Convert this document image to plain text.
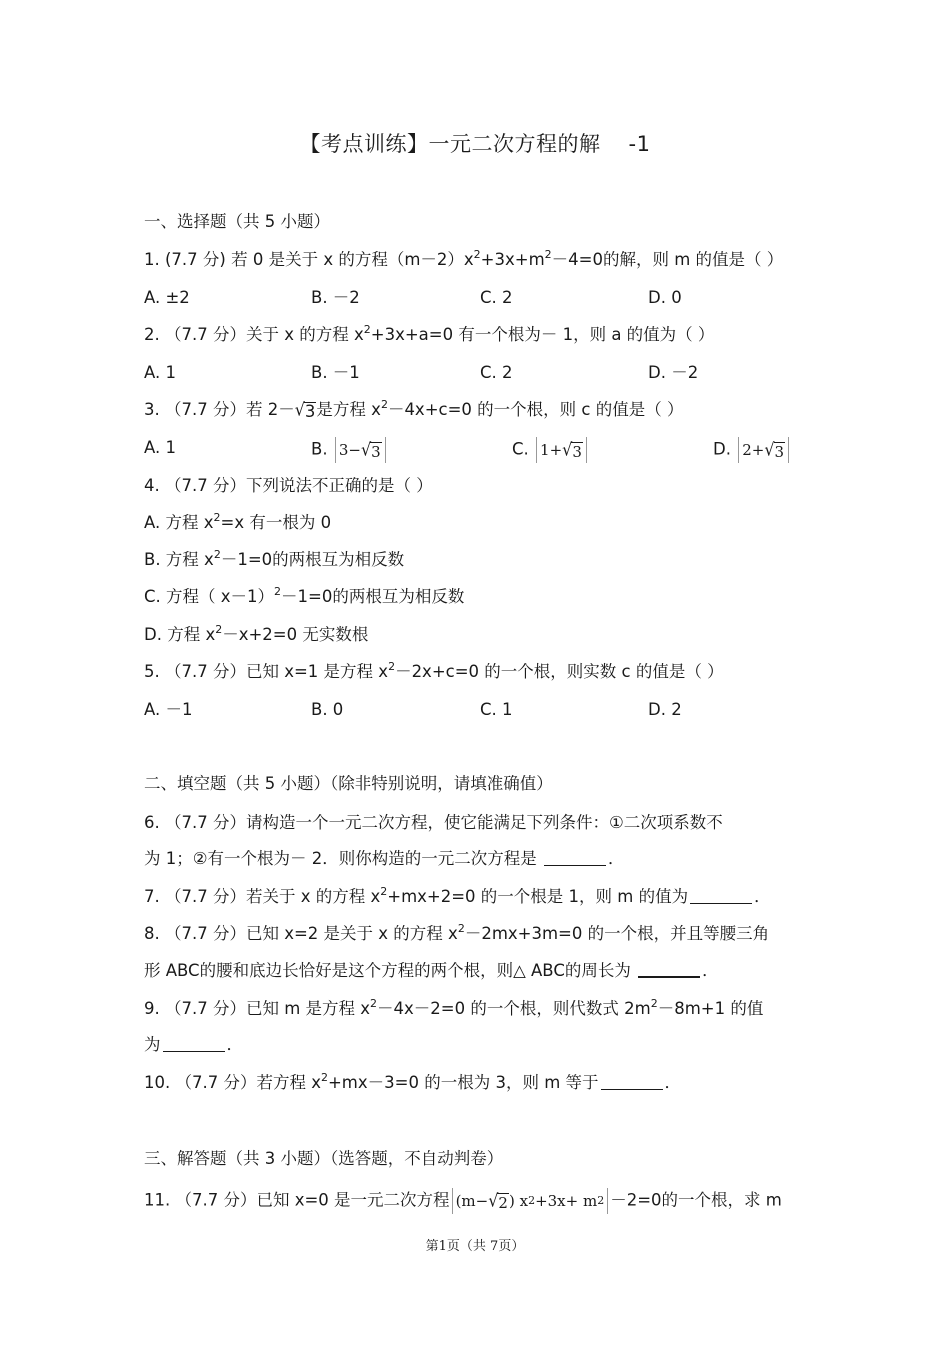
【考点训练】一元二次方程的解 -1
一、选择题（共 5 小题）
1. (7.7 分) 若 0 是关于 x 的方程$(m-2)x^2+3x+m^2-4=0$的解，则 m 的值是（ ）
A. ±2	B. －2	C. 2	D. 0
2. （7.7 分）关于 x 的方程 $x^2+3x+a=0$ 有一个根为－ 1，则 a 的值为（ ）
A. 1	B. －1	C. 2	D. －2
3. （7.7 分）若 2－ √ 3 是方程 $x^2-4x+c=0$ 的一个根，则 c 的值是（ ）
A. 1	B. 3− √ 3	C. 1+ √ 3	D. 2+ √ 3
4. （7.7 分）下列说法不正确的是（ ）
A. 方程 $x^2=x$ 有一根为 0
B. 方程 $x^2-1=0$的两根互为相反数
C. 方程（ x－1）$^2$－1=0的两根互为相反数
D. 方程 $x^2-x+2=0$ 无实数根
5. （7.7 分）已知 x=1 是方程 $x^2-2x+c=0$ 的一个根，则实数 c 的值是（ ）
A. －1	B. 0	C. 1	D. 2
二、填空题（共 5 小题）（除非特别说明，请填准确值）
6. （7.7 分）请构造一个一元二次方程，使它能满足下列条件：①二次项系数不
为 1；②有一个根为－ 2．则你构造的一元二次方程是	．
7. （7.7 分）若关于 x 的方程 $x^2+mx+2=0$ 的一个根是 1，则 m 的值为	．
8. （7.7 分）已知 x=2 是关于 x 的方程 $x^2-2mx+3m=0$ 的一个根，并且等腰三角
形 ABC的腰和底边长恰好是这个方程的两个根，则△ ABC的周长为	．
9. （7.7 分）已知 m 是方程 $x^2-4x-2=0$ 的一个根，则代数式 $2m^2-8m+1$ 的值
为	．
10. （7.7 分）若方程 $x^2+mx-3=0$ 的一根为 3，则 m 等于	．
三、解答题（共 3 小题）（选答题，不自动判卷）
11. （7.7 分）已知 x=0 是一元二次方程 (m− √ 2 ) x 2 +3x+ m 2 －2=0的一个根，求 m
第1页（共 7页）
